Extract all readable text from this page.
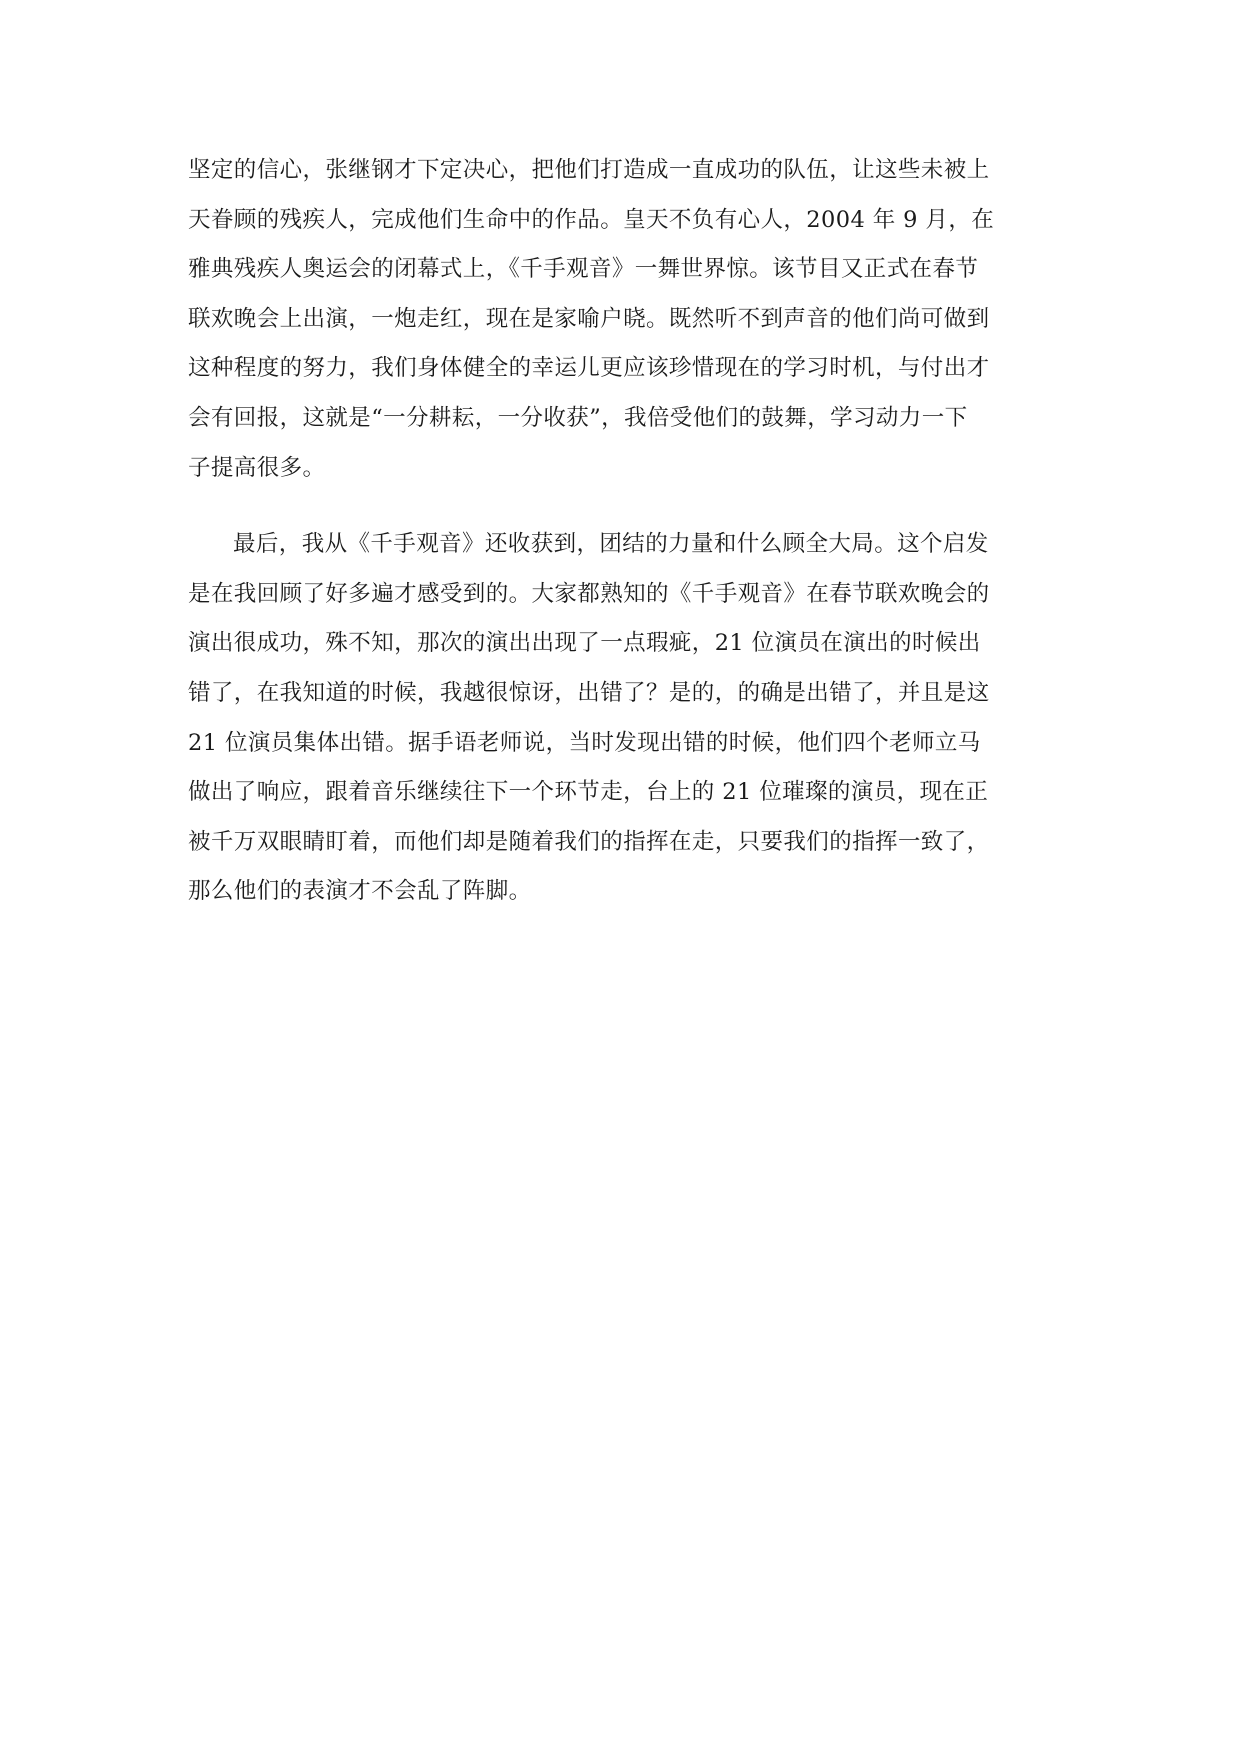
坚定的信心，张继钢才下定决心，把他们打造成一直成功的队伍，让这些未被上
天眷顾的残疾人，完成他们生命中的作品。皇天不负有心人，2004 年 9 月，在
雅典残疾人奥运会的闭幕式上，《千手观音》一舞世界惊。该节目又正式在春节
联欢晚会上出演，一炮走红，现在是家喻户晓。既然听不到声音的他们尚可做到
这种程度的努力，我们身体健全的幸运儿更应该珍惜现在的学习时机，与付出才
会有回报，这就是“一分耕耘，一分收获”，我倍受他们的鼓舞，学习动力一下
子提高很多。

最后，我从《千手观音》还收获到，团结的力量和什么顾全大局。这个启发
是在我回顾了好多遍才感受到的。大家都熟知的《千手观音》在春节联欢晚会的
演出很成功，殊不知，那次的演出出现了一点瑕疵，21 位演员在演出的时候出
错了，在我知道的时候，我越很惊讶，出错了？是的，的确是出错了，并且是这
21 位演员集体出错。据手语老师说，当时发现出错的时候，他们四个老师立马
做出了响应，跟着音乐继续往下一个环节走，台上的 21 位璀璨的演员，现在正
被千万双眼睛盯着，而他们却是随着我们的指挥在走，只要我们的指挥一致了，
那么他们的表演才不会乱了阵脚。
